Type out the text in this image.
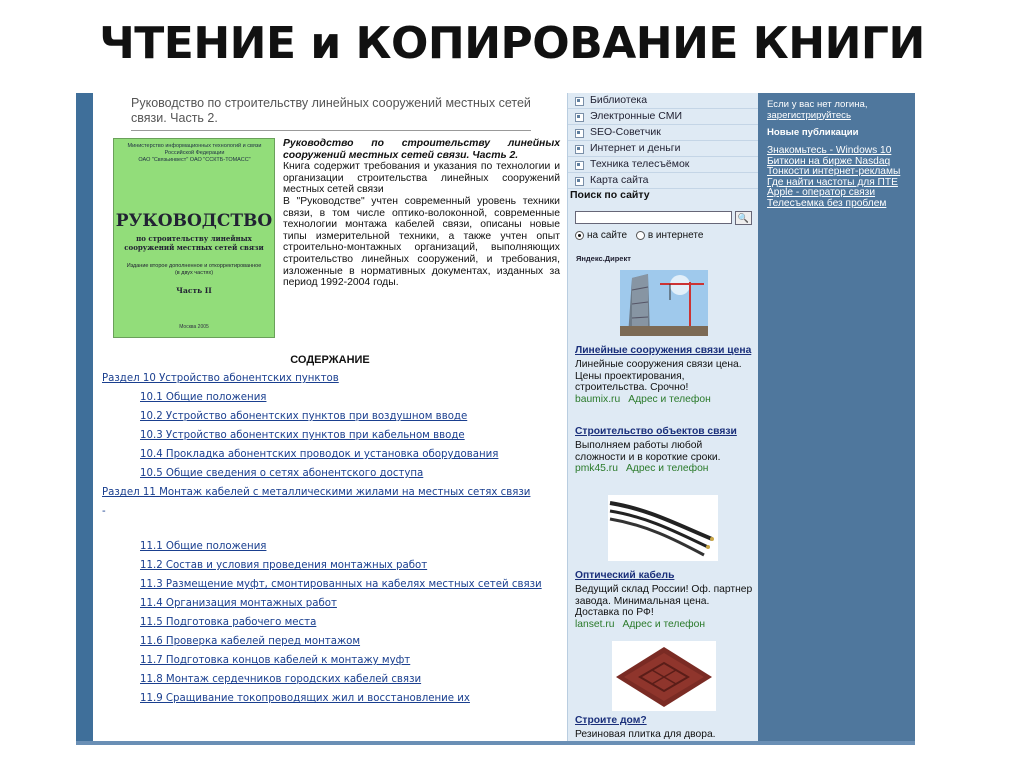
ЧТЕНИЕ и КОПИРОВАНИЕ КНИГИ
Руководство по строительству линейных сооружений местных сетей связи. Часть 2.
Министерство информационных технологий и связи Российской Федерации
ОАО "Связьинвест" ОАО "ССКТБ-ТОМАСС"
РУКОВОДСТВО
по строительству линейных сооружений местных сетей связи
Издание второе дополненное и откорректированное (в двух частях)
Часть II
Москва 2005
Руководство по строительству линейных сооружений местных сетей связи. Часть 2.
Книга содержит требования и указания по технологии и организации строительства линейных сооружений местных сетей связи
В "Руководстве" учтен современный уровень техники связи, в том числе оптико-волоконной, современные технологии монтажа кабелей связи, описаны новые типы измерительной техники, а также учтен опыт строительно-монтажных организаций, выполняющих строительство линейных сооружений, и требования, изложенные в нормативных документах, изданных за период 1992-2004 годы.
СОДЕРЖАНИЕ
Раздел 10 Устройство абонентских пунктов
10.1 Общие положения
10.2 Устройство абонентских пунктов при воздушном вводе
10.3 Устройство абонентских пунктов при кабельном вводе
10.4 Прокладка абонентских проводок и установка оборудования
10.5 Общие сведения о сетях абонентского доступа
Раздел 11 Монтаж кабелей с металлическими жилами на местных сетях связи
-
11.1 Общие положения
11.2 Состав и условия проведения монтажных работ
11.3 Размещение муфт, смонтированных на кабелях местных сетей связи
11.4 Организация монтажных работ
11.5 Подготовка рабочего места
11.6 Проверка кабелей перед монтажом
11.7 Подготовка концов кабелей к монтажу муфт
11.8 Монтаж сердечников городских кабелей связи
11.9 Сращивание токопроводящих жил и восстановление их
Библиотека
Электронные СМИ
SEO-Советчик
Интернет и деньги
Техника телесъёмок
Карта сайта
Поиск по сайту
🔍
на сайте в интернете
Яндекс.Директ
Линейные сооружения связи цена
Линейные сооружения связи цена. Цены проектирования, строительства. Срочно!
baumix.ru Адрес и телефон
Строительство объектов связи
Выполняем работы любой сложности и в короткие сроки.
pmk45.ru Адрес и телефон
Оптический кабель
Ведущий склад России! Оф. партнер завода. Минимальная цена. Доставка по РФ!
lanset.ru Адрес и телефон
Строите дом?
Резиновая плитка для двора.
Если у вас нет логина,
зарегистрируйтесь
Новые публикации
Знакомьтесь - Windows 10
Биткоин на бирже Nasdaq
Тонкости интернет-рекламы
Где найти частоты для ПТЕ
Apple - оператор связи
Телесъемка без проблем
